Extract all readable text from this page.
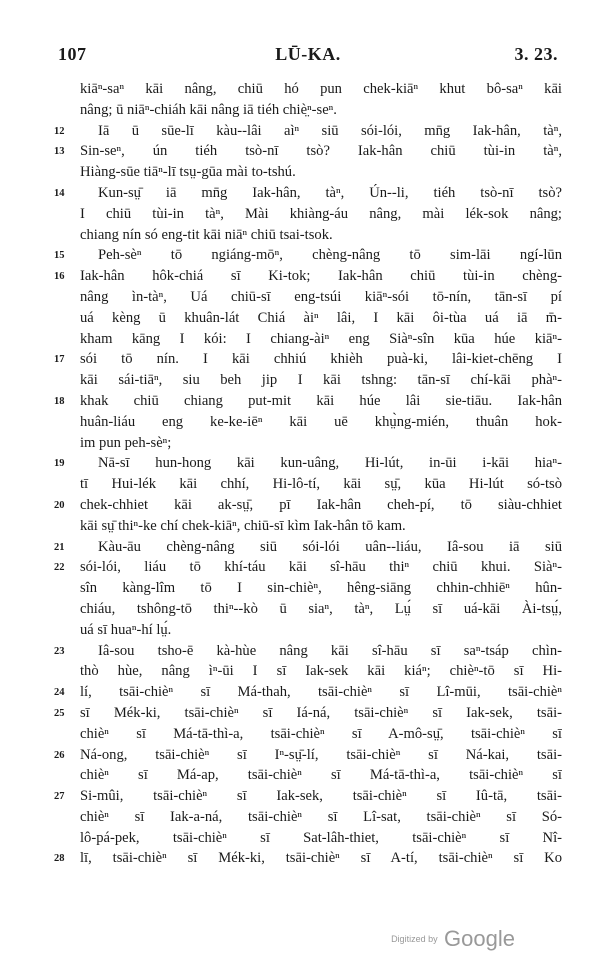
107	LŪ-KA.	3. 23.
kiāⁿ-saⁿ kāi nâng, chiū hó pun chek-kiāⁿ khut bô-saⁿ kāi
nâng; ū niāⁿ-chiáh kāi nâng iā tiéh chiè̤ⁿ-seⁿ.
12	Iā ū sūe-lī kàu--lâi aìⁿ siū sói-lói, mn̄g Iak-hân, tàⁿ,
13	Sin-seⁿ, ún tiéh tsò-nī tsò? Iak-hân chiū tùi-in tàⁿ,
Hiàng-sūe tiāⁿ-lī tsṳ-gūa mài to-tshú.
14	Kun-sṳ̄ iā mn̄g Iak-hân, tàⁿ, Ún--li, tiéh tsò-nī tsò?
I chiū tùi-in tàⁿ, Mài khiàng-áu nâng, mài lék-sok nâng;
chiang nín só eng-tit kāi niāⁿ chiū tsai-tsok.
15	Peh-sèⁿ tō ngiáng-mōⁿ, chèng-nâng tō sim-lāi ngí-lūn
16	Iak-hân hôk-chiá sī Ki-tok; Iak-hân chiū tùi-in chèng-
nâng ìn-tàⁿ, Uá chiū-sī eng-tsúi kiāⁿ-sói tō-nín, tān-sī pí
uá kèng ū khuân-lát Chiá àiⁿ lâi, I kāi ôi-tùa uá iā m̄-
kham kāng I kói: I chiang-àiⁿ eng Siàⁿ-sîn kūa húe kiāⁿ-
17	sói tō nín. I kāi chhiú khièh puà-ki, lâi-kiet-chēng I
kāi sái-tiāⁿ, siu beh jip I kāi tshng: tān-sī chí-kāi phàⁿ-
18	khak chiū chiang put-mit kāi húe lâi sie-tiāu. Iak-hân
huân-liáu eng ke-ke-iēⁿ kāi uē khṳ̀ng-mién, thuân hok-
im pun peh-sèⁿ;
19	Nā-sī hun-hong kāi kun-uâng, Hi-lút, in-ūi i-kāi hiaⁿ-
tī Hui-lék kāi chhí, Hi-lô-tí, kāi sṳ̄, kūa Hi-lút só-tsò
20	chek-chhiet kāi ak-sṳ̄, pī Iak-hân cheh-pí, tō siàu-chhiet
kāi sṳ̄ thiⁿ-ke chí chek-kiāⁿ, chiū-sī kìm Iak-hân tō kam.
21	Kàu-āu chèng-nâng siū sói-lói uân--liáu, Iâ-sou iā siū
22	sói-lói, liáu tō khí-táu kāi sî-hāu thiⁿ chiū khui. Siàⁿ-
sîn kàng-lîm tō I sin-chièⁿ, hêng-siāng chhin-chhiēⁿ hûn-
chiáu, tshông-tō thiⁿ--kò ū siaⁿ, tàⁿ, Lṳ́ sī uá-kāi Ài-tsṳ́,
uá sī huaⁿ-hí lṳ́.
23	Iâ-sou tsho-ē kà-hùe nâng kāi sî-hāu sī saⁿ-tsáp chìn-
thò hùe, nâng ìⁿ-ūi I sī Iak-sek kāi kiáⁿ; chièⁿ-tō sī Hi-
24	lí, tsāi-chièⁿ sī Má-thah, tsāi-chièⁿ sī Lî-mūi, tsāi-chièⁿ
25	sī Mék-ki, tsāi-chièⁿ sī Iá-ná, tsāi-chièⁿ sī Iak-sek, tsāi-
chièⁿ sī Má-tā-thì-a, tsāi-chièⁿ sī A-mô-sṳ̄, tsāi-chièⁿ sī
26	Ná-ong, tsāi-chièⁿ sī Iⁿ-sṳ̄-lí, tsāi-chièⁿ sī Ná-kai, tsāi-
chièⁿ sī Má-ap, tsāi-chièⁿ sī Má-tā-thì-a, tsāi-chièⁿ sī
27	Si-mûi, tsāi-chièⁿ sī Iak-sek, tsāi-chièⁿ sī Iû-tā, tsāi-
chièⁿ sī Iak-a-ná, tsāi-chièⁿ sī Lî-sat, tsāi-chièⁿ sī Só-
lô-pá-pek, tsāi-chièⁿ sī Sat-lâh-thiet, tsāi-chièⁿ sī Nî-
28	lī, tsāi-chièⁿ sī Mék-ki, tsāi-chièⁿ sī A-tí, tsāi-chièⁿ sī Ko
Digitized by Google
